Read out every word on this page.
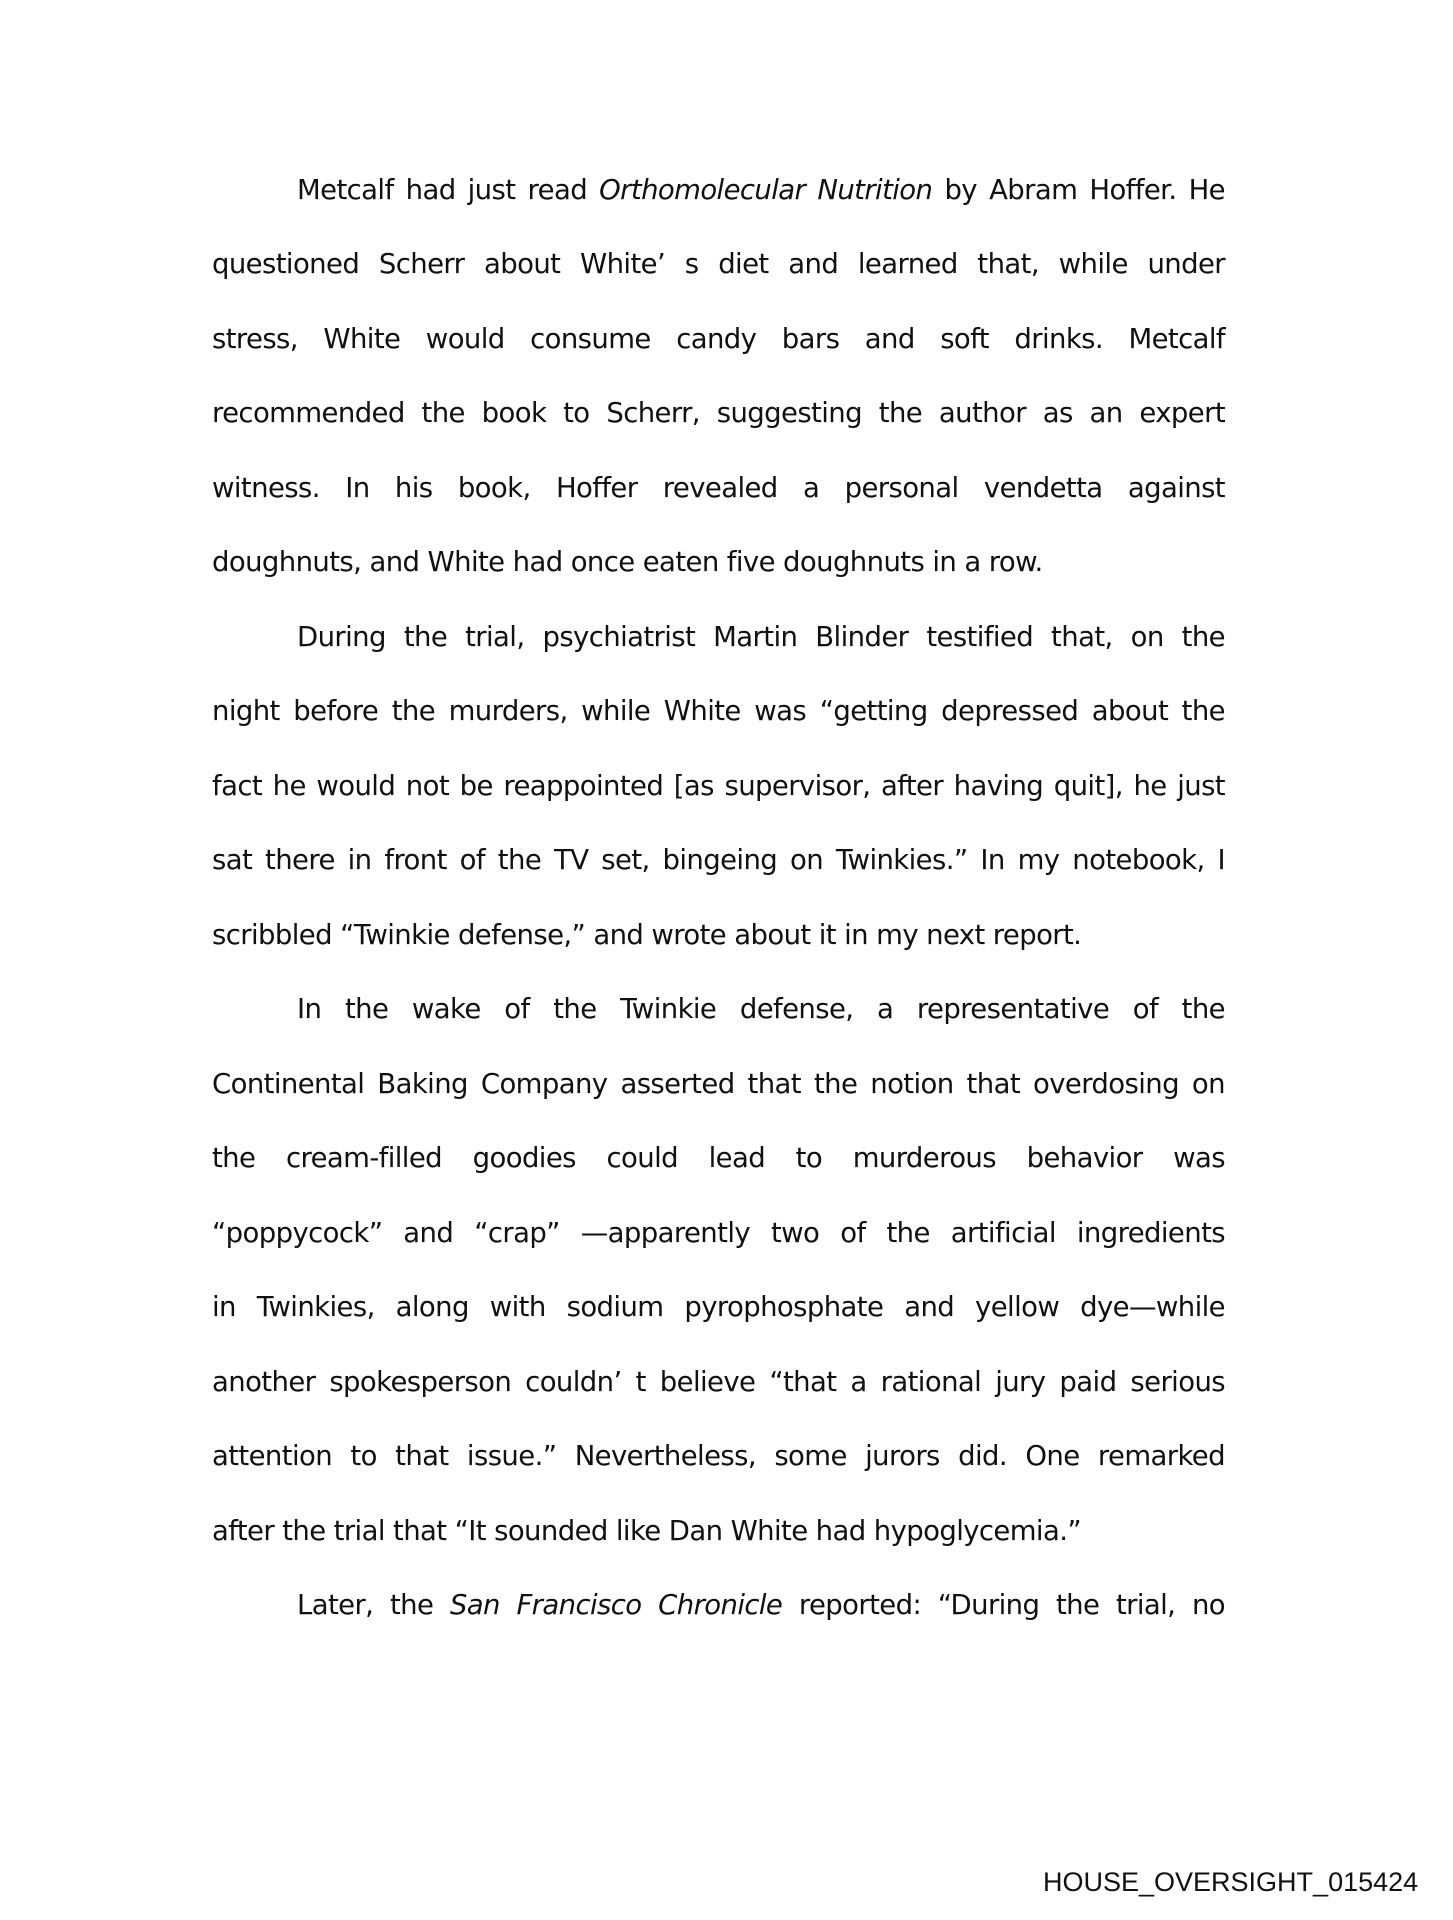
Metcalf had just read Orthomolecular Nutrition by Abram Hoffer. He
questioned Scherr about White’ s diet and learned that, while under
stress, White would consume candy bars and soft drinks. Metcalf
recommended the book to Scherr, suggesting the author as an expert
witness. In his book, Hoffer revealed a personal vendetta against
doughnuts, and White had once eaten five doughnuts in a row.
During the trial, psychiatrist Martin Blinder testified that, on the
night before the murders, while White was “getting depressed about the
fact he would not be reappointed [as supervisor, after having quit], he just
sat there in front of the TV set, bingeing on Twinkies.” In my notebook, I
scribbled “Twinkie defense,” and wrote about it in my next report.
In the wake of the Twinkie defense, a representative of the
Continental Baking Company asserted that the notion that overdosing on
the cream-filled goodies could lead to murderous behavior was
“poppycock” and “crap” —apparently two of the artificial ingredients
in Twinkies, along with sodium pyrophosphate and yellow dye—while
another spokesperson couldn’ t believe “that a rational jury paid serious
attention to that issue.” Nevertheless, some jurors did. One remarked
after the trial that “It sounded like Dan White had hypoglycemia.”
Later, the San Francisco Chronicle reported: “During the trial, no
HOUSE_OVERSIGHT_015424
